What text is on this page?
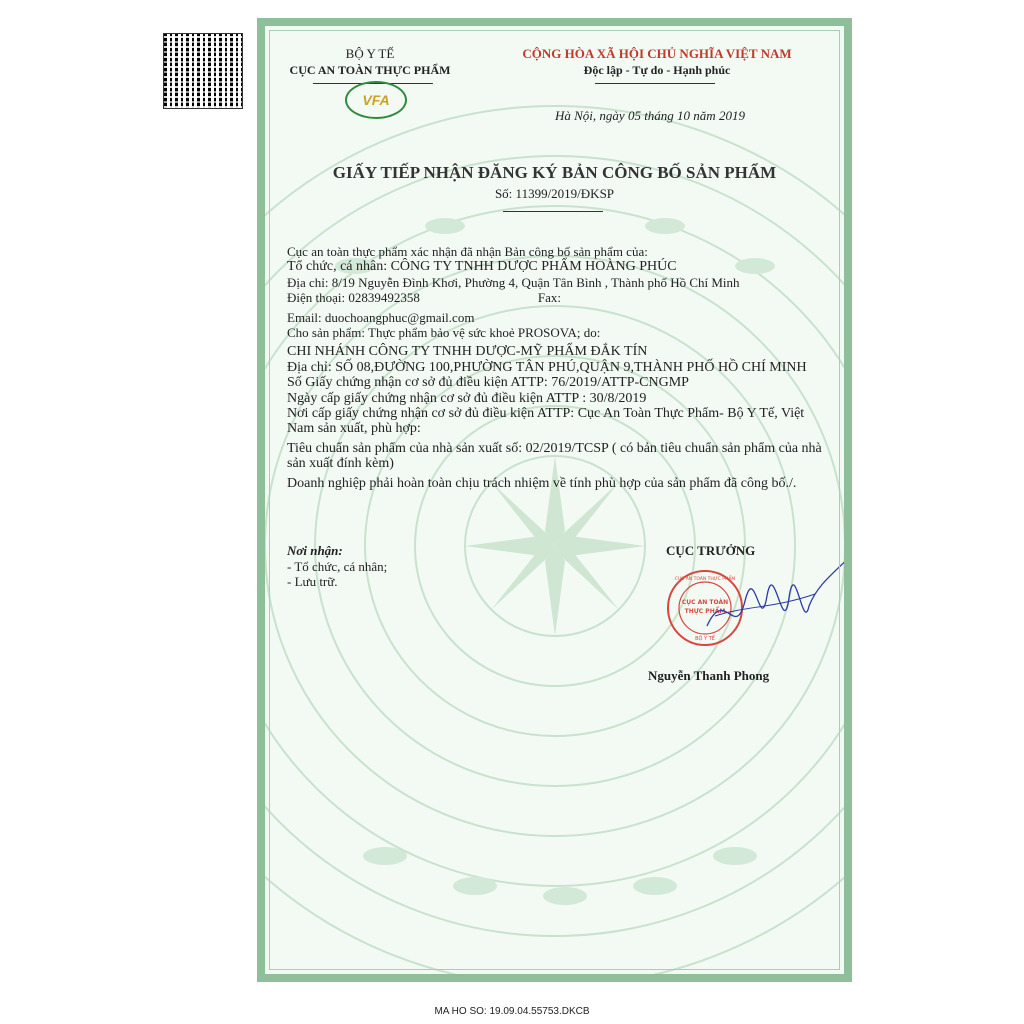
BỘ Y TẾ
CỤC AN TOÀN THỰC PHẨM
VFA
CỘNG HÒA XÃ HỘI CHỦ NGHĨA VIỆT NAM
Độc lập - Tự do - Hạnh phúc
Hà Nội, ngày 05 tháng 10 năm 2019
GIẤY TIẾP NHẬN ĐĂNG KÝ BẢN CÔNG BỐ SẢN PHẨM
Số: 11399/2019/ĐKSP

Cục an toàn thực phẩm xác nhận đã nhận Bản công bố sản phẩm của:

Tổ chức, cá nhân: CÔNG TY TNHH DƯỢC PHẨM HOÀNG PHÚC

Địa chỉ: 8/19 Nguyễn Đình Khơi, Phường 4, Quận Tân Bình , Thành phố Hồ Chí Minh

Điện thoại: 02839492358	Fax:

Email: duochoangphuc@gmail.com

Cho sản phẩm: Thực phẩm bảo vệ sức khoẻ PROSOVA; do:

CHI NHÁNH CÔNG TY TNHH DƯỢC-MỸ PHẨM ĐẮK TÍN

Địa chỉ: SỐ 08,ĐƯỜNG 100,PHƯỜNG TÂN PHÚ,QUẬN 9,THÀNH PHỐ HỒ CHÍ MINH

Số Giấy chứng nhận cơ sở đủ điều kiện ATTP: 76/2019/ATTP-CNGMP

Ngày cấp giấy chứng nhận cơ sở đủ điều kiện ATTP : 30/8/2019

Nơi cấp giấy chứng nhận cơ sở đủ điều kiện ATTP: Cục An Toàn Thực Phẩm- Bộ Y Tế, Việt Nam sản xuất, phù hợp:

Tiêu chuẩn sản phẩm của nhà sản xuất số: 02/2019/TCSP ( có bản tiêu chuẩn sản phẩm của nhà sản xuất đính kèm)

Doanh nghiệp phải hoàn toàn chịu trách nhiệm về tính phù hợp của sản phẩm đã công bố./.

Nơi nhận:
- Tổ chức, cá nhân;
- Lưu trữ.
CỤC TRƯỞNG
CỤC AN TOÀN
THỰC PHẨM
BỘ Y TẾ
CỤC AN TOÀN THỰC PHẨM
Nguyễn Thanh Phong
MA HO SO: 19.09.04.55753.DKCB
